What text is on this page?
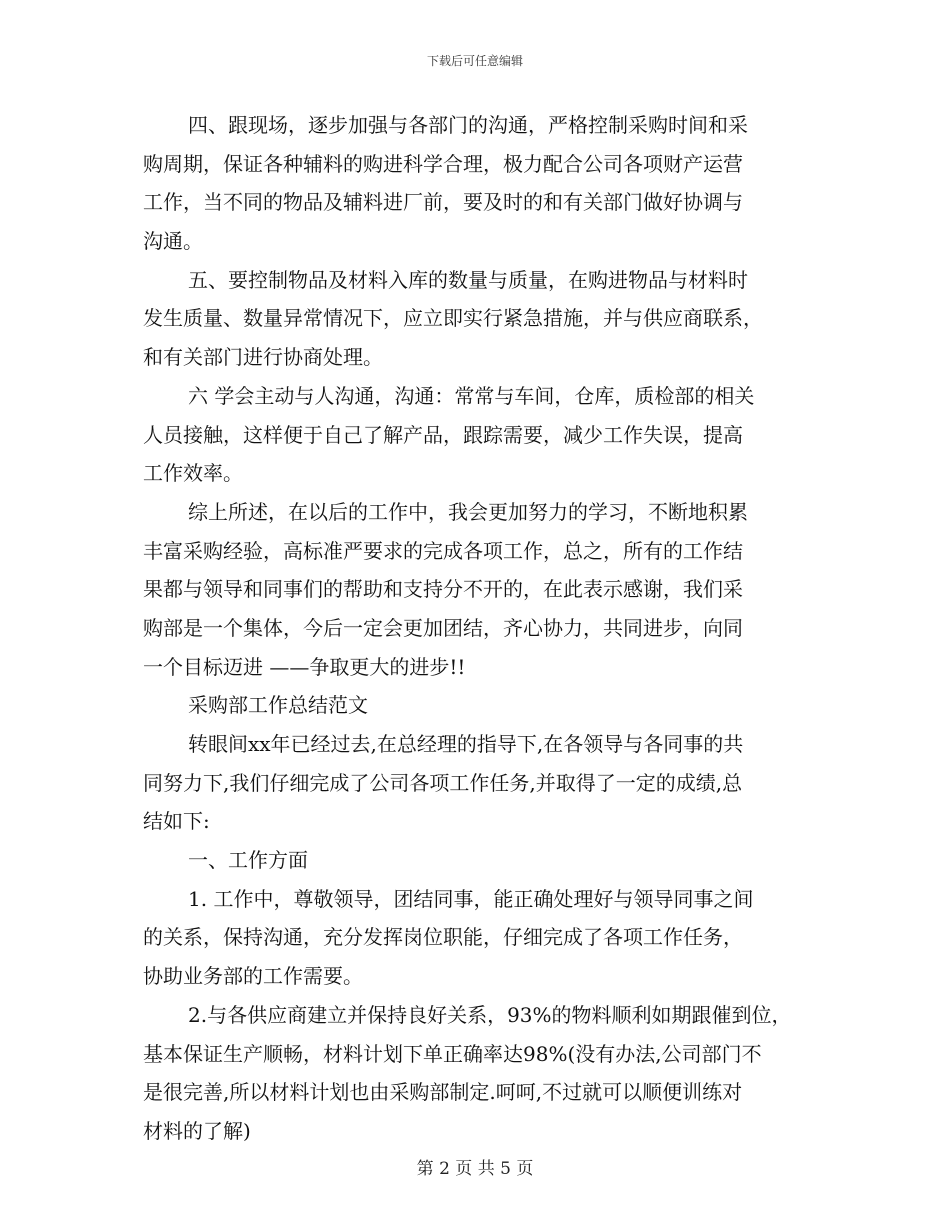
下载后可任意编辑
四、跟现场，逐步加强与各部门的沟通，严格控制采购时间和采
购周期，保证各种辅料的购进科学合理，极力配合公司各项财产运营
工作，当不同的物品及辅料进厂前，要及时的和有关部门做好协调与
沟通。
五、要控制物品及材料入库的数量与质量，在购进物品与材料时
发生质量、数量异常情况下，应立即实行紧急措施，并与供应商联系，
和有关部门进行协商处理。
六 学会主动与人沟通，沟通：常常与车间，仓库，质检部的相关
人员接触，这样便于自己了解产品，跟踪需要，减少工作失误，提高
工作效率。
综上所述，在以后的工作中，我会更加努力的学习，不断地积累
丰富采购经验，高标准严要求的完成各项工作，总之，所有的工作结
果都与领导和同事们的帮助和支持分不开的，在此表示感谢，我们采
购部是一个集体，今后一定会更加团结，齐心协力，共同进步，向同
一个目标迈进 ——争取更大的进步!!
采购部工作总结范文
转眼间xx年已经过去,在总经理的指导下,在各领导与各同事的共
同努力下,我们仔细完成了公司各项工作任务,并取得了一定的成绩,总
结如下:
一、工作方面
1. 工作中，尊敬领导，团结同事，能正确处理好与领导同事之间
的关系，保持沟通，充分发挥岗位职能，仔细完成了各项工作任务，
协助业务部的工作需要。
2.与各供应商建立并保持良好关系，93%的物料顺利如期跟催到位，
基本保证生产顺畅，材料计划下单正确率达98%(没有办法,公司部门不
是很完善,所以材料计划也由采购部制定.呵呵,不过就可以顺便训练对
材料的了解)
第 2 页 共 5 页
